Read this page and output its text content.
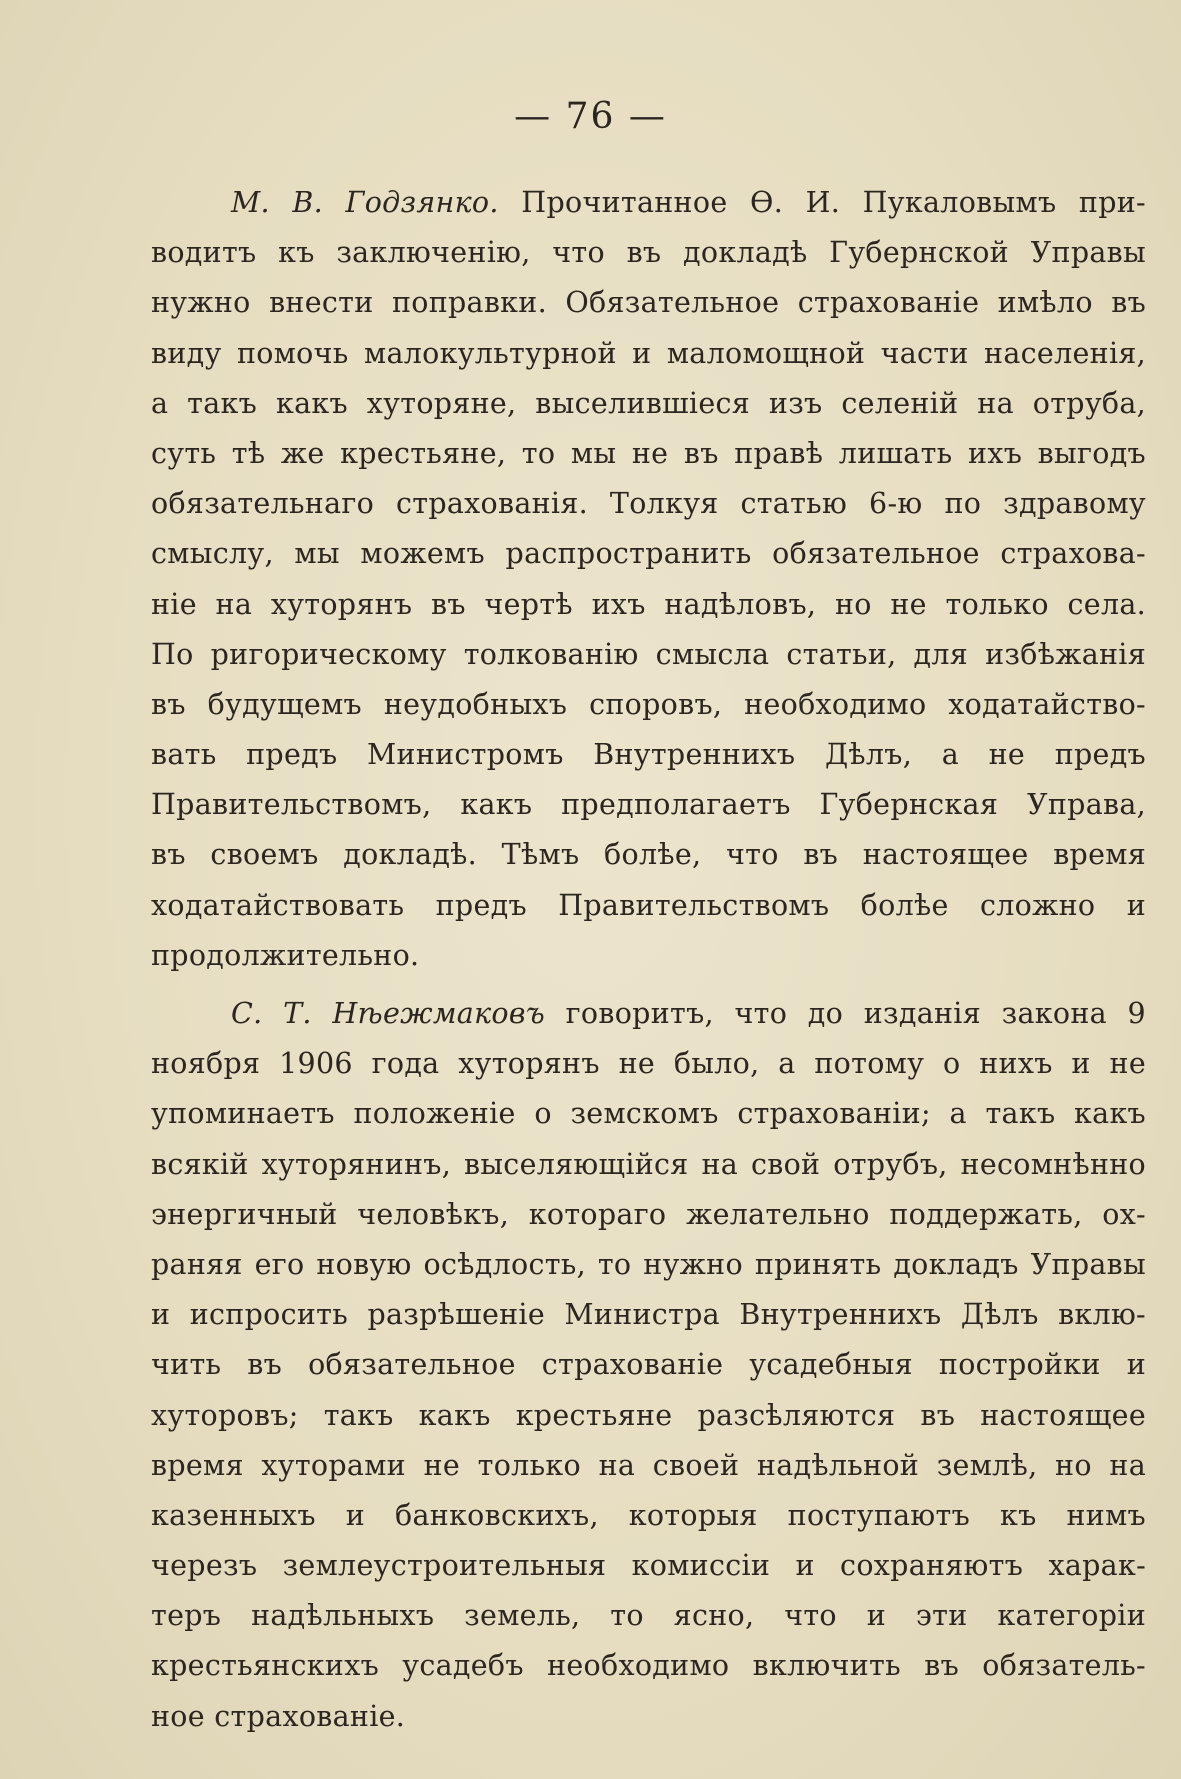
— 76 —
М. В. Годзянко. Прочитанное Ѳ. И. Пукаловымъ при-
водитъ къ заключенію, что въ докладѣ Губернской Управы
нужно внести поправки. Обязательное страхованіе имѣло въ
виду помочь малокультурной и маломощной части населенія,
а такъ какъ хуторяне, выселившіеся изъ селеній на отруба,
суть тѣ же крестьяне, то мы не въ правѣ лишать ихъ выгодъ
обязательнаго страхованія. Толкуя статью 6-ю по здравому
смыслу, мы можемъ распространить обязательное страхова-
ніе на хуторянъ въ чертѣ ихъ надѣловъ, но не только села.
По ригорическому толкованію смысла статьи, для избѣжанія
въ будущемъ неудобныхъ споровъ, необходимо ходатайство-
вать предъ Министромъ Внутреннихъ Дѣлъ, а не предъ
Правительствомъ, какъ предполагаетъ Губернская Управа,
въ своемъ докладѣ. Тѣмъ болѣе, что въ настоящее время
ходатайствовать предъ Правительствомъ болѣе сложно и
продолжительно.
С. Т. Нѣежмаковъ говоритъ, что до изданія закона 9
ноября 1906 года хуторянъ не было, а потому о нихъ и не
упоминаетъ положеніе о земскомъ страхованіи; а такъ какъ
всякій хуторянинъ, выселяющійся на свой отрубъ, несомнѣнно
энергичный человѣкъ, котораго желательно поддержать, ох-
раняя его новую осѣдлость, то нужно принять докладъ Управы
и испросить разрѣшеніе Министра Внутреннихъ Дѣлъ вклю-
чить въ обязательное страхованіе усадебныя постройки и
хуторовъ; такъ какъ крестьяне разсѣляются въ настоящее
время хуторами не только на своей надѣльной землѣ, но на
казенныхъ и банковскихъ, которыя поступаютъ къ нимъ
черезъ землеустроительныя комиссіи и сохраняютъ харак-
теръ надѣльныхъ земель, то ясно, что и эти категоріи
крестьянскихъ усадебъ необходимо включить въ обязатель-
ное страхованіе.
